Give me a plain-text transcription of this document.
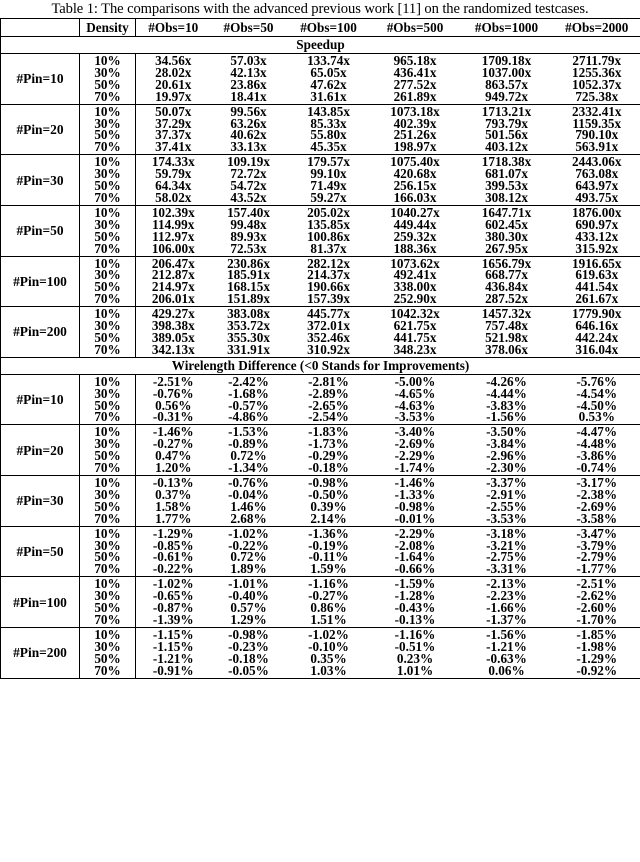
Table 1: The comparisons with the advanced previous work [11] on the randomized testcases.
	Density	#Obs=10	#Obs=50	#Obs=100	#Obs=500	#Obs=1000	#Obs=2000
Speedup							
#Pin=10	10%	34.56x	57.03x	133.74x	965.18x	1709.18x	2711.79x
	30%	28.02x	42.13x	65.05x	436.41x	1037.00x	1255.36x
	50%	20.61x	23.86x	47.62x	277.52x	863.57x	1052.37x
	70%	19.97x	18.41x	31.61x	261.89x	949.72x	725.38x
#Pin=20	10%	50.07x	99.56x	143.85x	1073.18x	1713.21x	2332.41x
	30%	37.29x	63.26x	85.33x	402.39x	793.79x	1159.35x
	50%	37.37x	40.62x	55.80x	251.26x	501.56x	790.10x
	70%	37.41x	33.13x	45.35x	198.97x	403.12x	563.91x
#Pin=30	10%	174.33x	109.19x	179.57x	1075.40x	1718.38x	2443.06x
	30%	59.79x	72.72x	99.10x	420.68x	681.07x	763.08x
	50%	64.34x	54.72x	71.49x	256.15x	399.53x	643.97x
	70%	58.02x	43.52x	59.27x	166.03x	308.12x	493.75x
#Pin=50	10%	102.39x	157.40x	205.02x	1040.27x	1647.71x	1876.00x
	30%	114.99x	99.48x	135.85x	449.44x	602.45x	690.97x
	50%	112.97x	89.93x	100.86x	259.32x	380.30x	433.12x
	70%	106.00x	72.53x	81.37x	188.36x	267.95x	315.92x
#Pin=100	10%	206.47x	230.86x	282.12x	1073.62x	1656.79x	1916.65x
	30%	212.87x	185.91x	214.37x	492.41x	668.77x	619.63x
	50%	214.97x	168.15x	190.66x	338.00x	436.84x	441.54x
	70%	206.01x	151.89x	157.39x	252.90x	287.52x	261.67x
#Pin=200	10%	429.27x	383.08x	445.77x	1042.32x	1457.32x	1779.90x
	30%	398.38x	353.72x	372.01x	621.75x	757.48x	646.16x
	50%	389.05x	355.30x	352.46x	441.75x	521.98x	442.24x
	70%	342.13x	331.91x	310.92x	348.23x	378.06x	316.04x
Wirelength Difference (<0 Stands for Improvements)							
#Pin=10	10%	-2.51%	-2.42%	-2.81%	-5.00%	-4.26%	-5.76%
	30%	-0.76%	-1.68%	-2.89%	-4.65%	-4.44%	-4.54%
	50%	0.56%	-0.57%	-2.65%	-4.63%	-3.83%	-4.50%
	70%	-0.31%	-4.86%	-2.54%	-3.53%	-1.56%	0.53%
#Pin=20	10%	-1.46%	-1.53%	-1.83%	-3.40%	-3.50%	-4.47%
	30%	-0.27%	-0.89%	-1.73%	-2.69%	-3.84%	-4.48%
	50%	0.47%	0.72%	-0.29%	-2.29%	-2.96%	-3.86%
	70%	1.20%	-1.34%	-0.18%	-1.74%	-2.30%	-0.74%
#Pin=30	10%	-0.13%	-0.76%	-0.98%	-1.46%	-3.37%	-3.17%
	30%	0.37%	-0.04%	-0.50%	-1.33%	-2.91%	-2.38%
	50%	1.58%	1.46%	0.39%	-0.98%	-2.55%	-2.69%
	70%	1.77%	2.68%	2.14%	-0.01%	-3.53%	-3.58%
#Pin=50	10%	-1.29%	-1.02%	-1.36%	-2.29%	-3.18%	-3.47%
	30%	-0.85%	-0.22%	-0.19%	-2.08%	-3.21%	-3.79%
	50%	-0.61%	0.72%	-0.11%	-1.64%	-2.75%	-2.79%
	70%	-0.22%	1.89%	1.59%	-0.66%	-3.31%	-1.77%
#Pin=100	10%	-1.02%	-1.01%	-1.16%	-1.59%	-2.13%	-2.51%
	30%	-0.65%	-0.40%	-0.27%	-1.28%	-2.23%	-2.62%
	50%	-0.87%	0.57%	0.86%	-0.43%	-1.66%	-2.60%
	70%	-1.39%	1.29%	1.51%	-0.13%	-1.37%	-1.70%
#Pin=200	10%	-1.15%	-0.98%	-1.02%	-1.16%	-1.56%	-1.85%
	30%	-1.15%	-0.23%	-0.10%	-0.51%	-1.21%	-1.98%
	50%	-1.21%	-0.18%	0.35%	0.23%	-0.63%	-1.29%
	70%	-0.91%	-0.05%	1.03%	1.01%	0.06%	-0.92%
